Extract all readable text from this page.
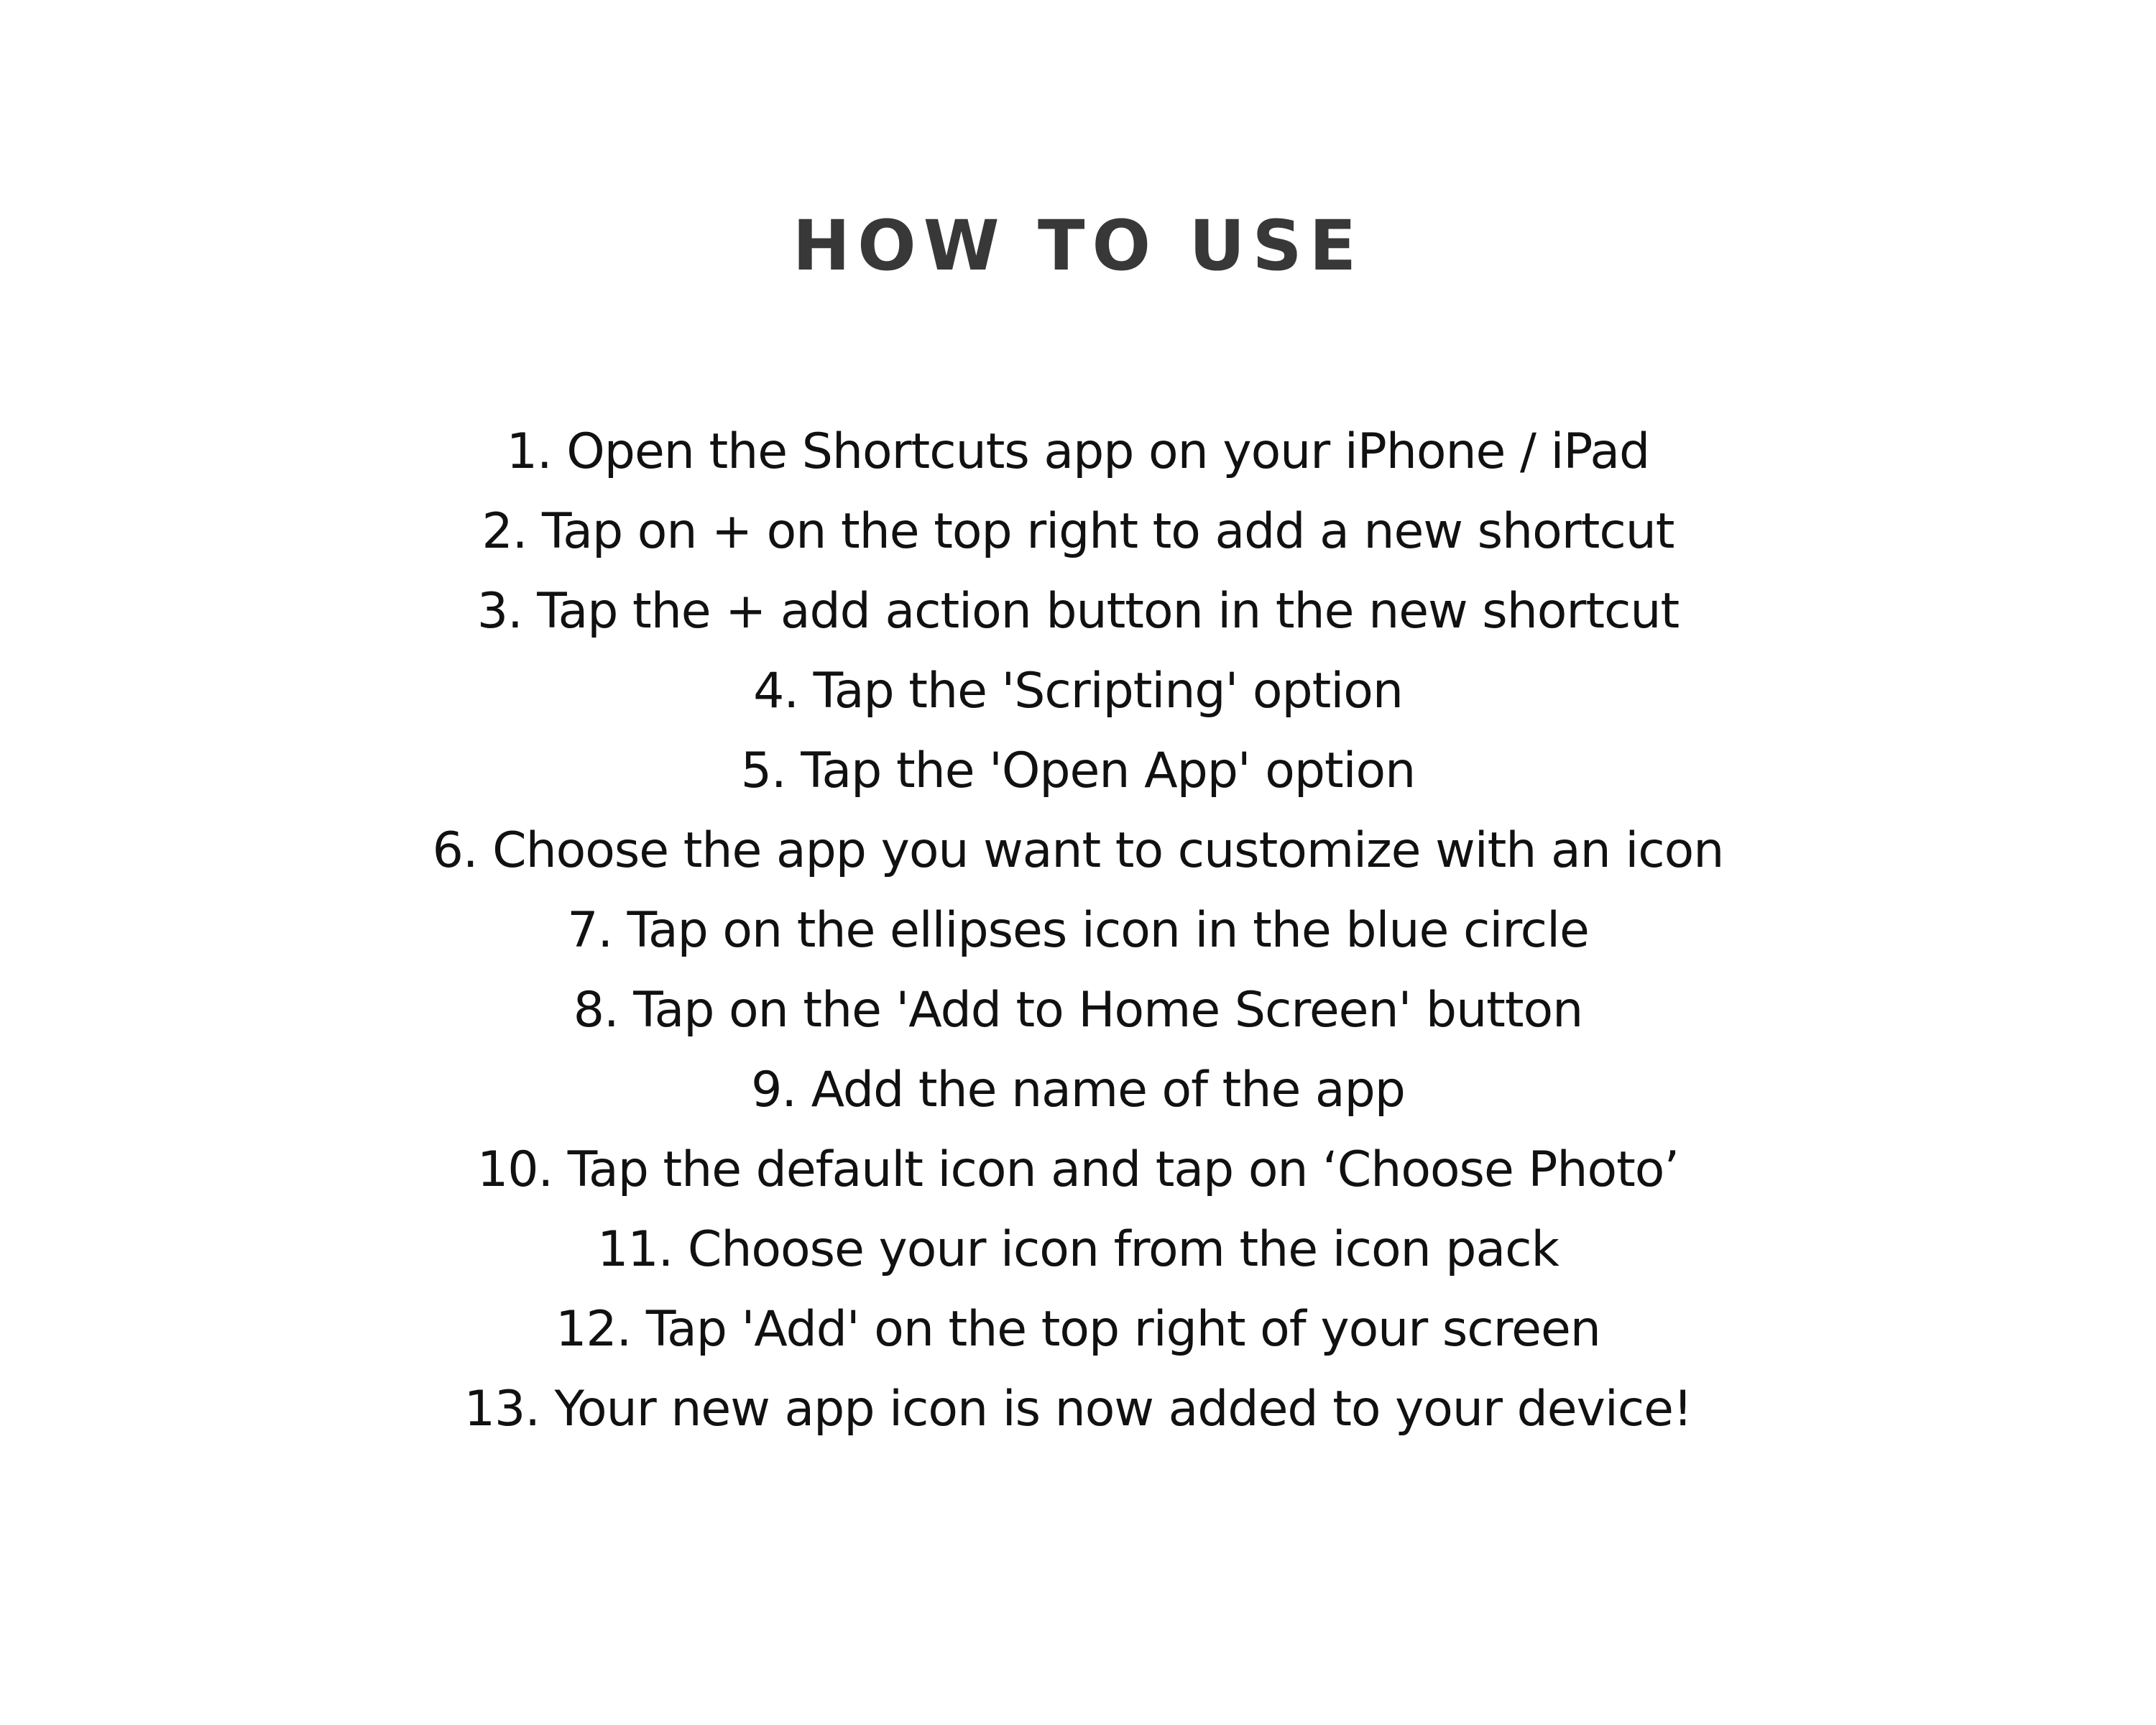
HOW TO USE
1. Open the Shortcuts app on your iPhone / iPad
2. Tap on + on the top right to add a new shortcut
3. Tap the + add action button in the new shortcut
4. Tap the 'Scripting' option
5. Tap the 'Open App' option
6. Choose the app you want to customize with an icon
7. Tap on the ellipses icon in the blue circle
8. Tap on the 'Add to Home Screen' button
9. Add the name of the app
10. Tap the default icon and tap on ‘Choose Photo’
11. Choose your icon from the icon pack
12. Tap 'Add' on the top right of your screen
13. Your new app icon is now added to your device!
